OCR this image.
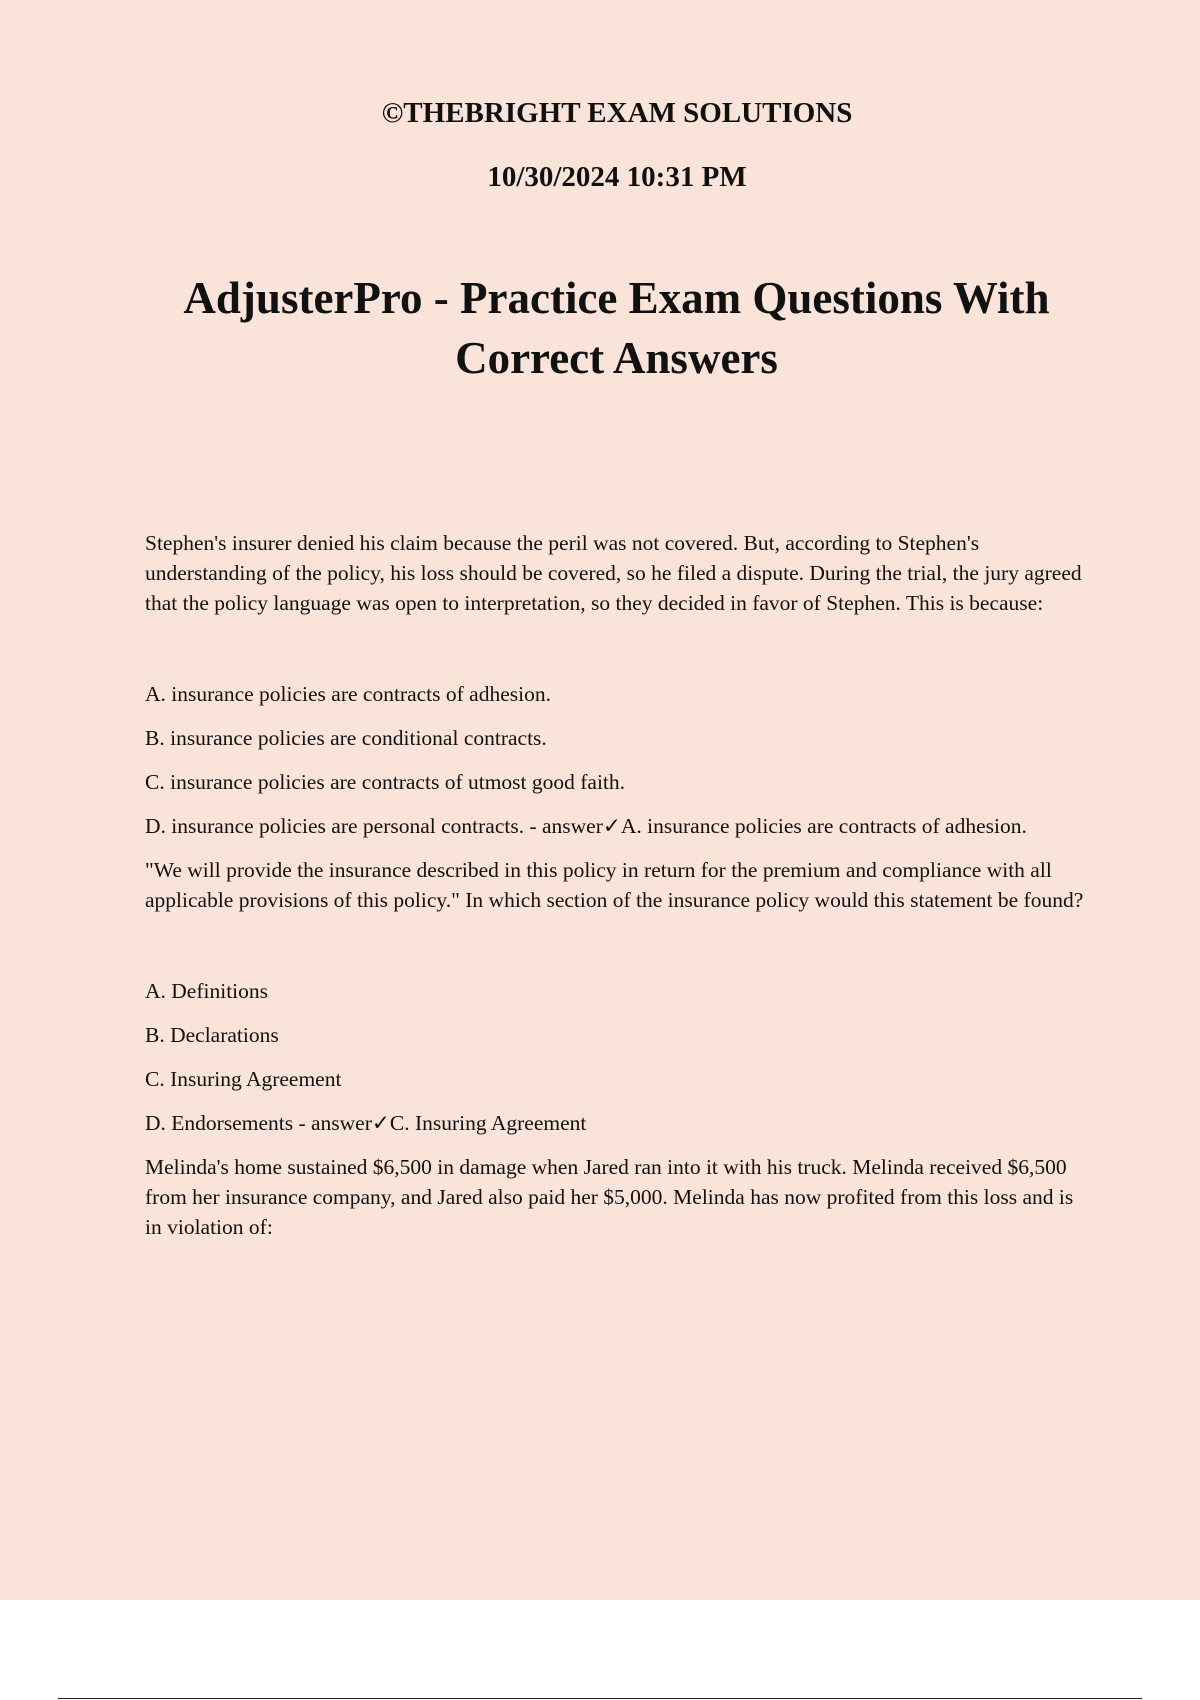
©THEBRIGHT EXAM SOLUTIONS

10/30/2024 10:31 PM

AdjusterPro - Practice Exam Questions With Correct Answers

Stephen's insurer denied his claim because the peril was not covered. But, according to Stephen's understanding of the policy, his loss should be covered, so he filed a dispute. During the trial, the jury agreed that the policy language was open to interpretation, so they decided in favor of Stephen. This is because:

A. insurance policies are contracts of adhesion.

B. insurance policies are conditional contracts.

C. insurance policies are contracts of utmost good faith.

D. insurance policies are personal contracts. - answer✓A. insurance policies are contracts of adhesion.

"We will provide the insurance described in this policy in return for the premium and compliance with all applicable provisions of this policy." In which section of the insurance policy would this statement be found?

A. Definitions

B. Declarations

C. Insuring Agreement

D. Endorsements - answer✓C. Insuring Agreement

Melinda's home sustained $6,500 in damage when Jared ran into it with his truck. Melinda received $6,500 from her insurance company, and Jared also paid her $5,000. Melinda has now profited from this loss and is in violation of:
